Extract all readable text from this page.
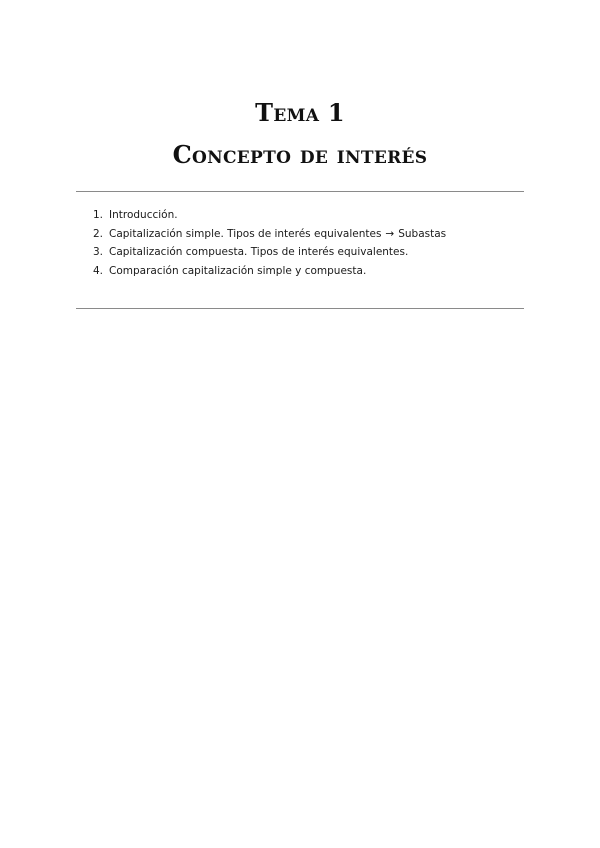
Tema 1
Concepto de interés
1. Introducción.
2. Capitalización simple. Tipos de interés equivalentes → Subastas
3. Capitalización compuesta. Tipos de interés equivalentes.
4. Comparación capitalización simple y compuesta.
